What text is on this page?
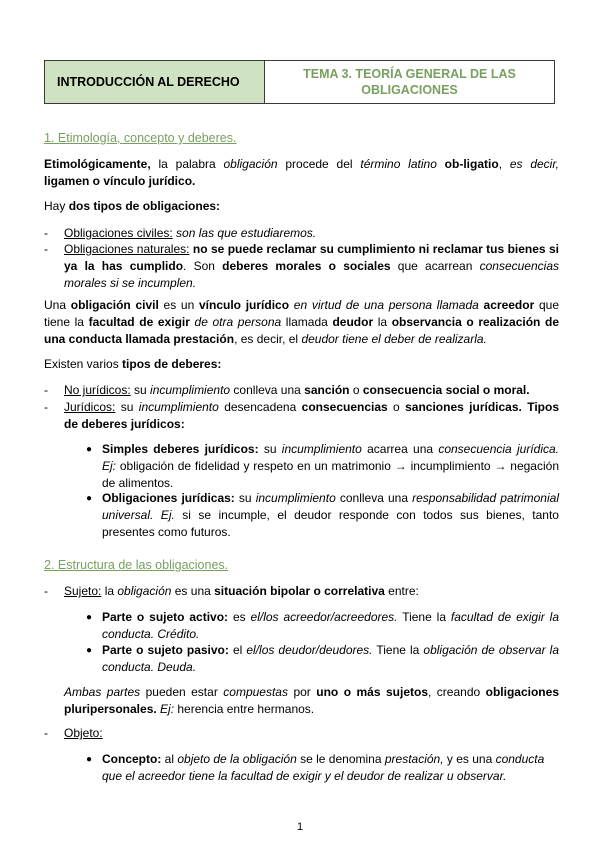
INTRODUCCIÓN AL DERECHO
TEMA 3. TEORÍA GENERAL DE LAS OBLIGACIONES
1. Etimología, concepto y deberes.
Etimológicamente, la palabra obligación procede del término latino ob-ligatio, es decir, ligamen o vínculo jurídico.
Hay dos tipos de obligaciones:
- Obligaciones civiles: son las que estudiaremos.
- Obligaciones naturales: no se puede reclamar su cumplimiento ni reclamar tus bienes si ya la has cumplido. Son deberes morales o sociales que acarrean consecuencias morales si se incumplen.
Una obligación civil es un vínculo jurídico en virtud de una persona llamada acreedor que tiene la facultad de exigir de otra persona llamada deudor la observancia o realización de una conducta llamada prestación, es decir, el deudor tiene el deber de realizarla.
Existen varios tipos de deberes:
- No jurídicos: su incumplimiento conlleva una sanción o consecuencia social o moral.
- Jurídicos: su incumplimiento desencadena consecuencias o sanciones jurídicas. Tipos de deberes jurídicos:
● Simples deberes jurídicos: su incumplimiento acarrea una consecuencia jurídica. Ej: obligación de fidelidad y respeto en un matrimonio → incumplimiento → negación de alimentos.
● Obligaciones jurídicas: su incumplimiento conlleva una responsabilidad patrimonial universal. Ej. si se incumple, el deudor responde con todos sus bienes, tanto presentes como futuros.
2. Estructura de las obligaciones.
- Sujeto: la obligación es una situación bipolar o correlativa entre:
● Parte o sujeto activo: es el/los acreedor/acreedores. Tiene la facultad de exigir la conducta. Crédito.
● Parte o sujeto pasivo: el el/los deudor/deudores. Tiene la obligación de observar la conducta. Deuda.
Ambas partes pueden estar compuestas por uno o más sujetos, creando obligaciones pluripersonales. Ej: herencia entre hermanos.
- Objeto:
● Concepto: al objeto de la obligación se le denomina prestación, y es una conducta que el acreedor tiene la facultad de exigir y el deudor de realizar u observar.
1
